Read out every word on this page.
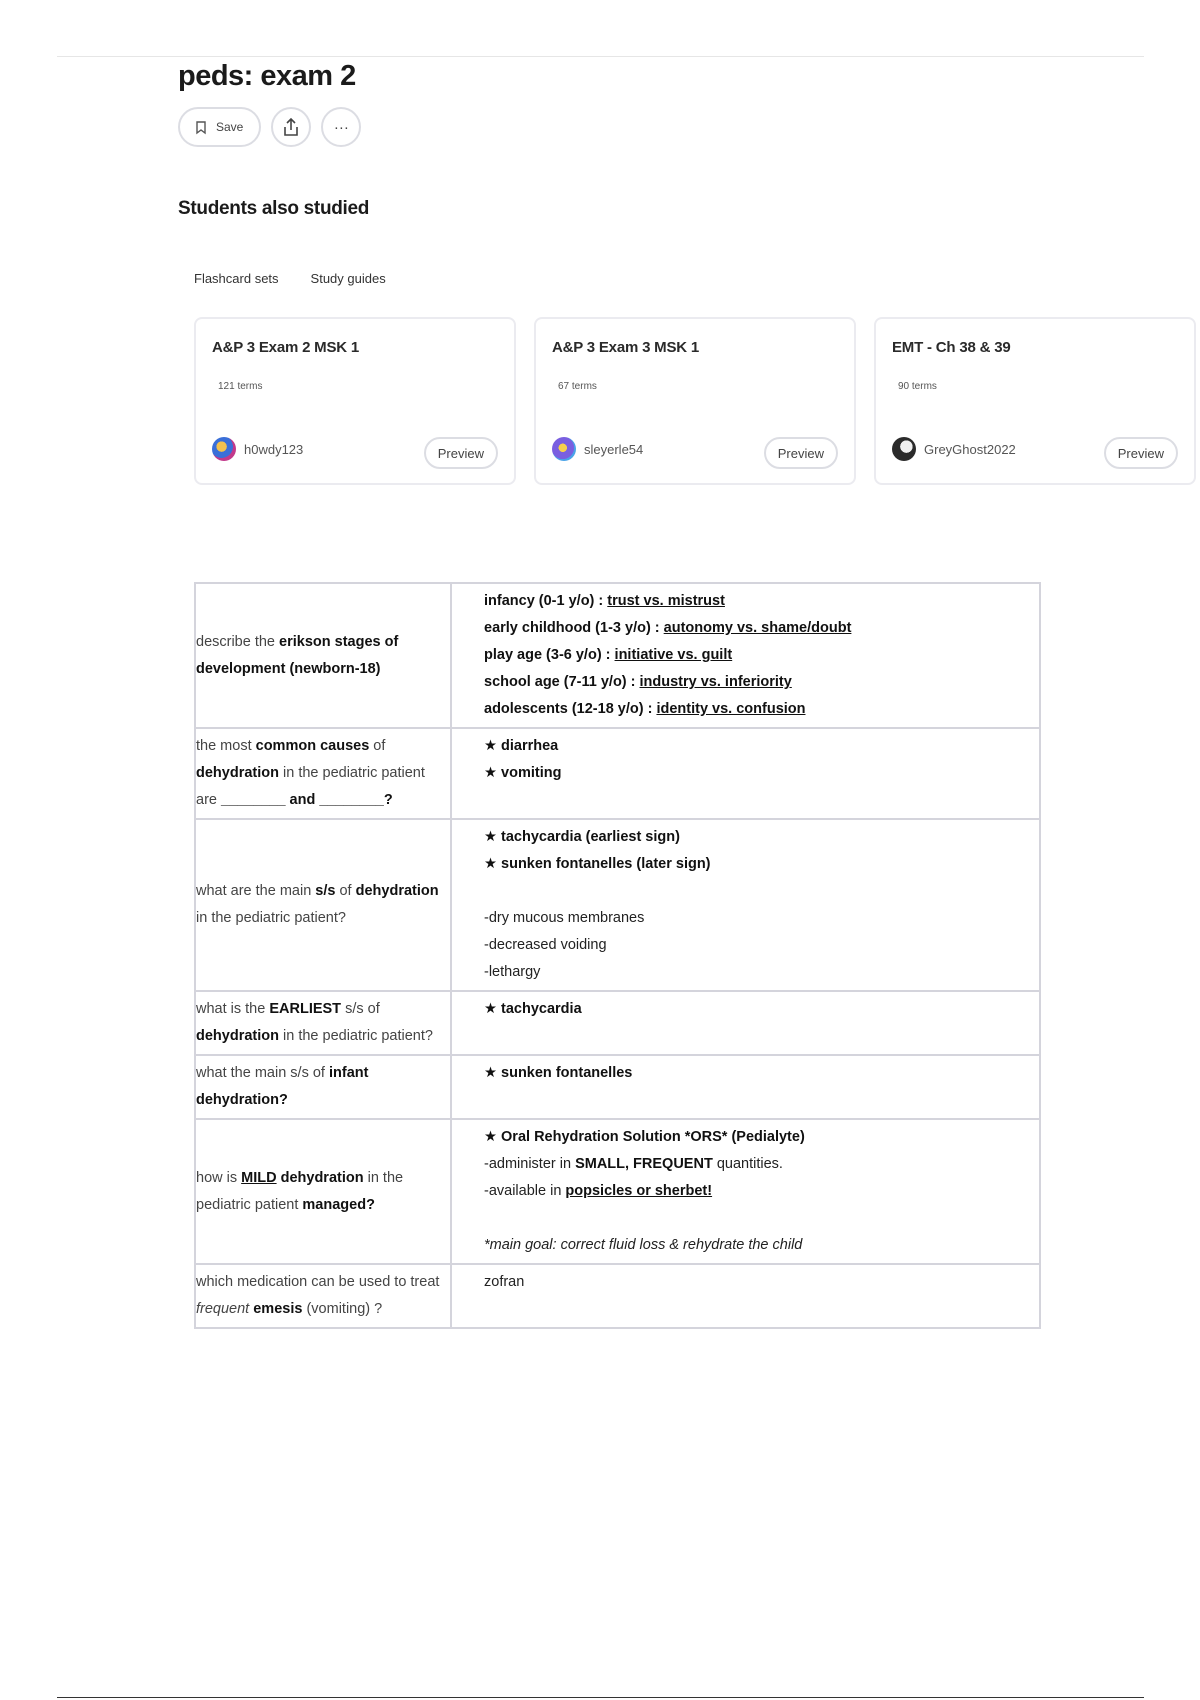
peds: exam 2
Save	···
Students also studied
Flashcard sets Study guides
A&P 3 Exam 2 MSK 1
121 terms
h0wdy123	Preview
A&P 3 Exam 3 MSK 1
67 terms
sleyerle54	Preview
EMT - Ch 38 & 39
90 terms
GreyGhost2022	Preview
describe the erikson stages of development (newborn-18)	infancy (0-1 y/o) : trust vs. mistrust
early childhood (1-3 y/o) : autonomy vs. shame/doubt
play age (3-6 y/o) : initiative vs. guilt
school age (7-11 y/o) : industry vs. inferiority
adolescents (12-18 y/o) : identity vs. confusion

the most common causes of dehydration in the pediatric patient are ________ and ________?	★ diarrhea
★ vomiting

what are the main s/s of dehydration in the pediatric patient?	★ tachycardia (earliest sign)
★ sunken fontanelles (later sign)
-dry mucous membranes
-decreased voiding
-lethargy

what is the EARLIEST s/s of dehydration in the pediatric patient?	★ tachycardia
what the main s/s of infant dehydration?	★ sunken fontanelles
how is MILD dehydration in the pediatric patient managed?	★ Oral Rehydration Solution *ORS* (Pedialyte)
-administer in SMALL, FREQUENT quantities.
-available in popsicles or sherbet!
*main goal: correct fluid loss & rehydrate the child

which medication can be used to treat frequent emesis (vomiting) ?	zofran
